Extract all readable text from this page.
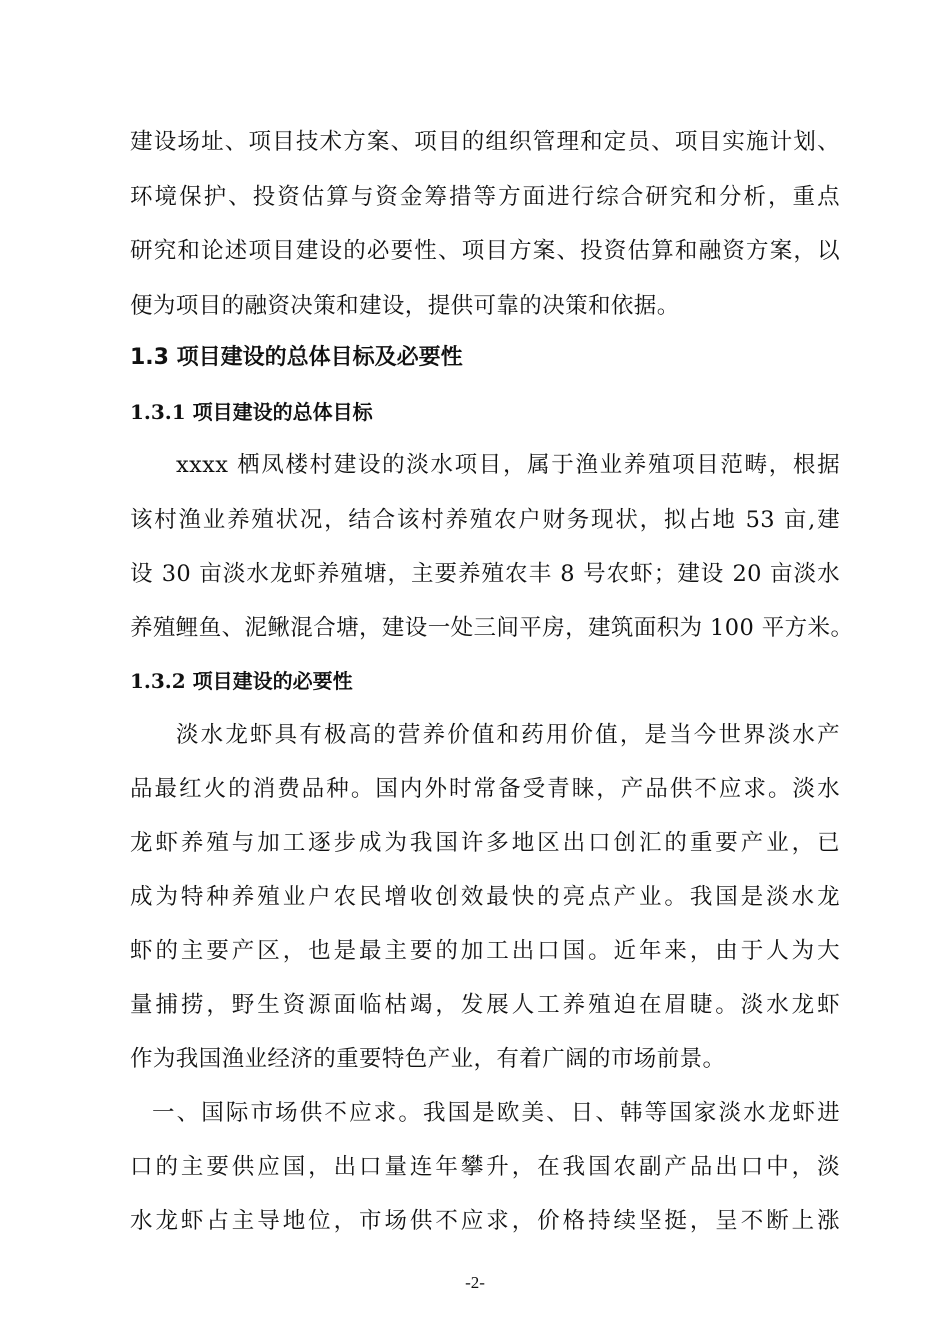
建设场址、项目技术方案、项目的组织管理和定员、项目实施计划、
环境保护、投资估算与资金筹措等方面进行综合研究和分析，重点
研究和论述项目建设的必要性、项目方案、投资估算和融资方案，以
便为项目的融资决策和建设，提供可靠的决策和依据。
1.3 项目建设的总体目标及必要性
1.3.1 项目建设的总体目标
xxxx 栖凤楼村建设的淡水项目，属于渔业养殖项目范畴，根据
该村渔业养殖状况，结合该村养殖农户财务现状，拟占地 53 亩,建
设 30 亩淡水龙虾养殖塘，主要养殖农丰 8 号农虾；建设 20 亩淡水
养殖鲤鱼、泥鳅混合塘，建设一处三间平房，建筑面积为 100 平方米。
1.3.2 项目建设的必要性
淡水龙虾具有极高的营养价值和药用价值，是当今世界淡水产
品最红火的消费品种。国内外时常备受青睐，产品供不应求。淡水
龙虾养殖与加工逐步成为我国许多地区出口创汇的重要产业，已
成为特种养殖业户农民增收创效最快的亮点产业。我国是淡水龙
虾的主要产区，也是最主要的加工出口国。近年来，由于人为大
量捕捞，野生资源面临枯竭，发展人工养殖迫在眉睫。淡水龙虾
作为我国渔业经济的重要特色产业，有着广阔的市场前景。
一、国际市场供不应求。我国是欧美、日、韩等国家淡水龙虾进
口的主要供应国，出口量连年攀升，在我国农副产品出口中，淡
水龙虾占主导地位，市场供不应求，价格持续坚挺，呈不断上涨
-2-
